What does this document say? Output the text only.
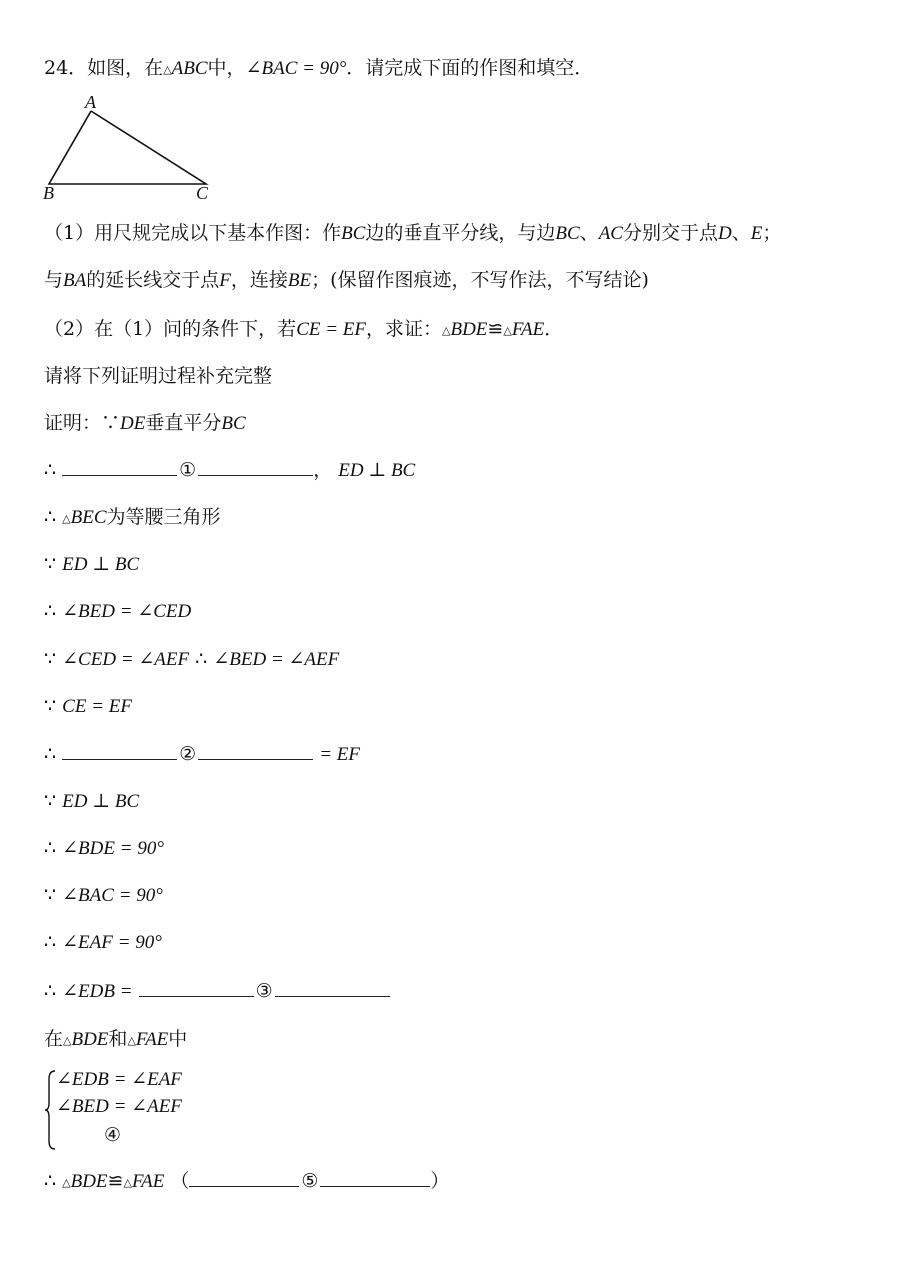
24．如图，在△ABC中，∠BAC = 90°．请完成下面的作图和填空．
A
B	C
（1）用尺规完成以下基本作图：作BC边的垂直平分线，与边BC、AC分别交于点D、E；
与BA的延长线交于点F，连接BE；(保留作图痕迹，不写作法，不写结论)
（2）在（1）问的条件下，若CE = EF，求证：△BDE≌△FAE．
请将下列证明过程补充完整
证明：∵DE垂直平分BC
∴	①	， ED ⊥ BC
∴ △BEC为等腰三角形
∵ ED ⊥ BC
∴ ∠BED = ∠CED
∵ ∠CED = ∠AEF ∴ ∠BED = ∠AEF
∵ CE = EF
∴	②	= EF
∵ ED ⊥ BC
∴ ∠BDE = 90°
∵ ∠BAC = 90°
∴ ∠EAF = 90°
∴ ∠EDB =	③
在△BDE和△FAE中
∠EDB = ∠EAF
∠BED = ∠AEF
④
∴ △BDE≌△FAE （	⑤	）
